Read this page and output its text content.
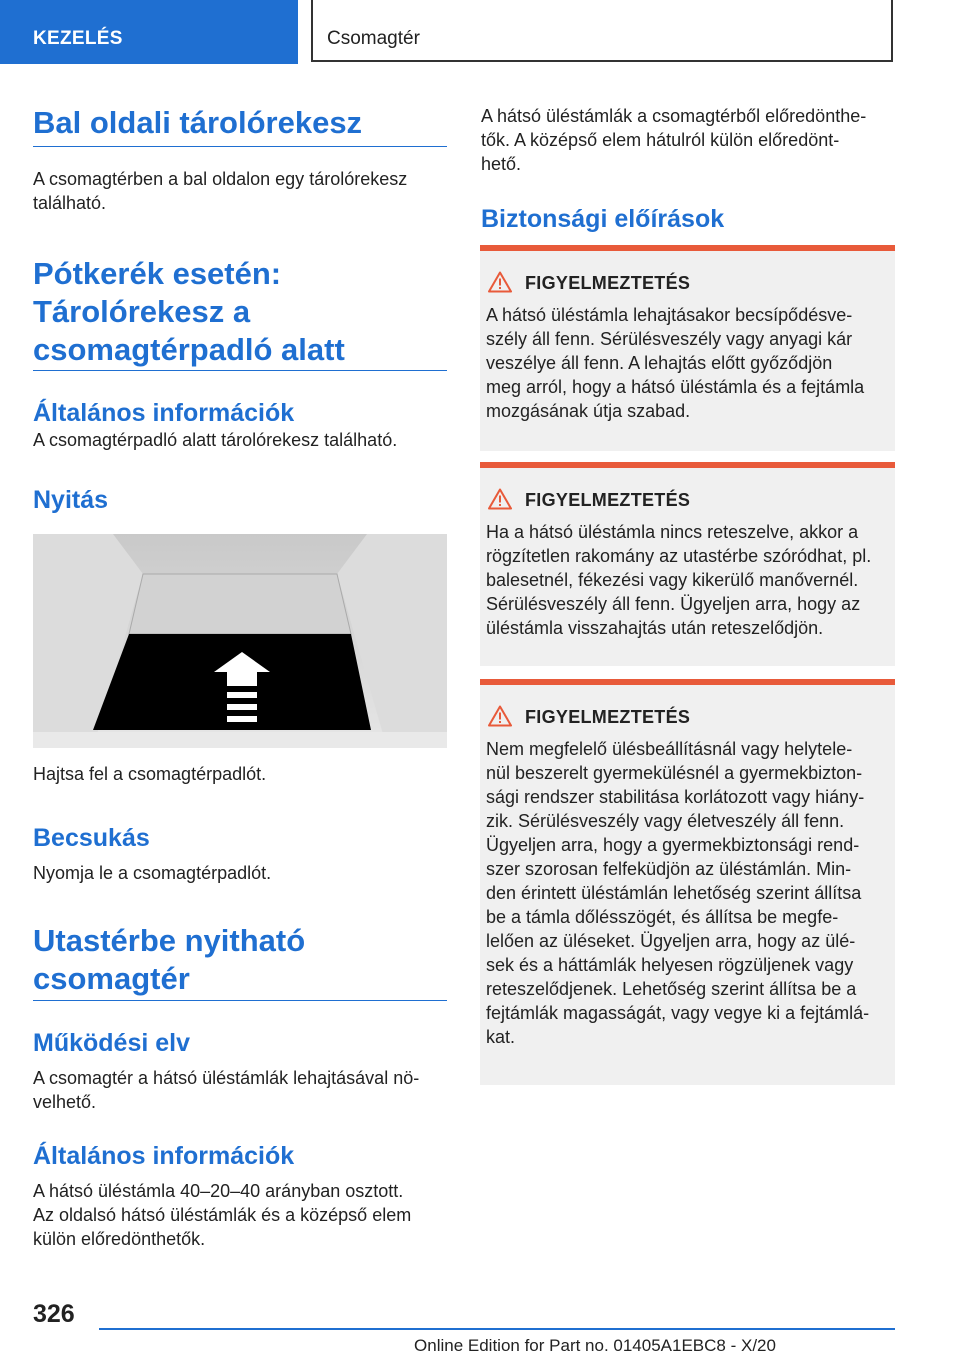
KEZELÉS	Csomagtér
Bal oldali tárolórekesz
A csomagtérben a bal oldalon egy tárolórekesz
található.
Pótkerék esetén:
Tárolórekesz a
csomagtérpadló alatt
Általános információk
A csomagtérpadló alatt tárolórekesz található.
Nyitás
Hajtsa fel a csomagtérpadlót.
Becsukás
Nyomja le a csomagtérpadlót.
Utastérbe nyitható
csomagtér
Működési elv
A csomagtér a hátsó üléstámlák lehajtásával nö-
velhető.
Általános információk
A hátsó üléstámla 40–20–40 arányban osztott.
Az oldalsó hátsó üléstámlák és a középső elem
külön előredönthetők.
A hátsó üléstámlák a csomagtérből előredönthe-
tők. A középső elem hátulról külön előredönt-
hető.
Biztonsági előírások
FIGYELMEZTETÉS
A hátsó üléstámla lehajtásakor becsípődésve-
szély áll fenn. Sérülésveszély vagy anyagi kár
veszélye áll fenn. A lehajtás előtt győződjön
meg arról, hogy a hátsó üléstámla és a fejtámla
mozgásának útja szabad.
FIGYELMEZTETÉS
Ha a hátsó üléstámla nincs reteszelve, akkor a
rögzítetlen rakomány az utastérbe szóródhat, pl.
balesetnél, fékezési vagy kikerülő manővernél.
Sérülésveszély áll fenn. Ügyeljen arra, hogy az
üléstámla visszahajtás után reteszelődjön.
FIGYELMEZTETÉS
Nem megfelelő ülésbeállításnál vagy helytele-
nül beszerelt gyermekülésnél a gyermekbizton-
sági rendszer stabilitása korlátozott vagy hiány-
zik. Sérülésveszély vagy életveszély áll fenn.
Ügyeljen arra, hogy a gyermekbiztonsági rend-
szer szorosan felfeküdjön az üléstámlán. Min-
den érintett üléstámlán lehetőség szerint állítsa
be a támla dőlésszögét, és állítsa be megfe-
lelően az üléseket. Ügyeljen arra, hogy az ülé-
sek és a háttámlák helyesen rögzüljenek vagy
reteszelődjenek. Lehetőség szerint állítsa be a
fejtámlák magasságát, vagy vegye ki a fejtámlá-
kat.
326
Online Edition for Part no. 01405A1EBC8 - X/20
